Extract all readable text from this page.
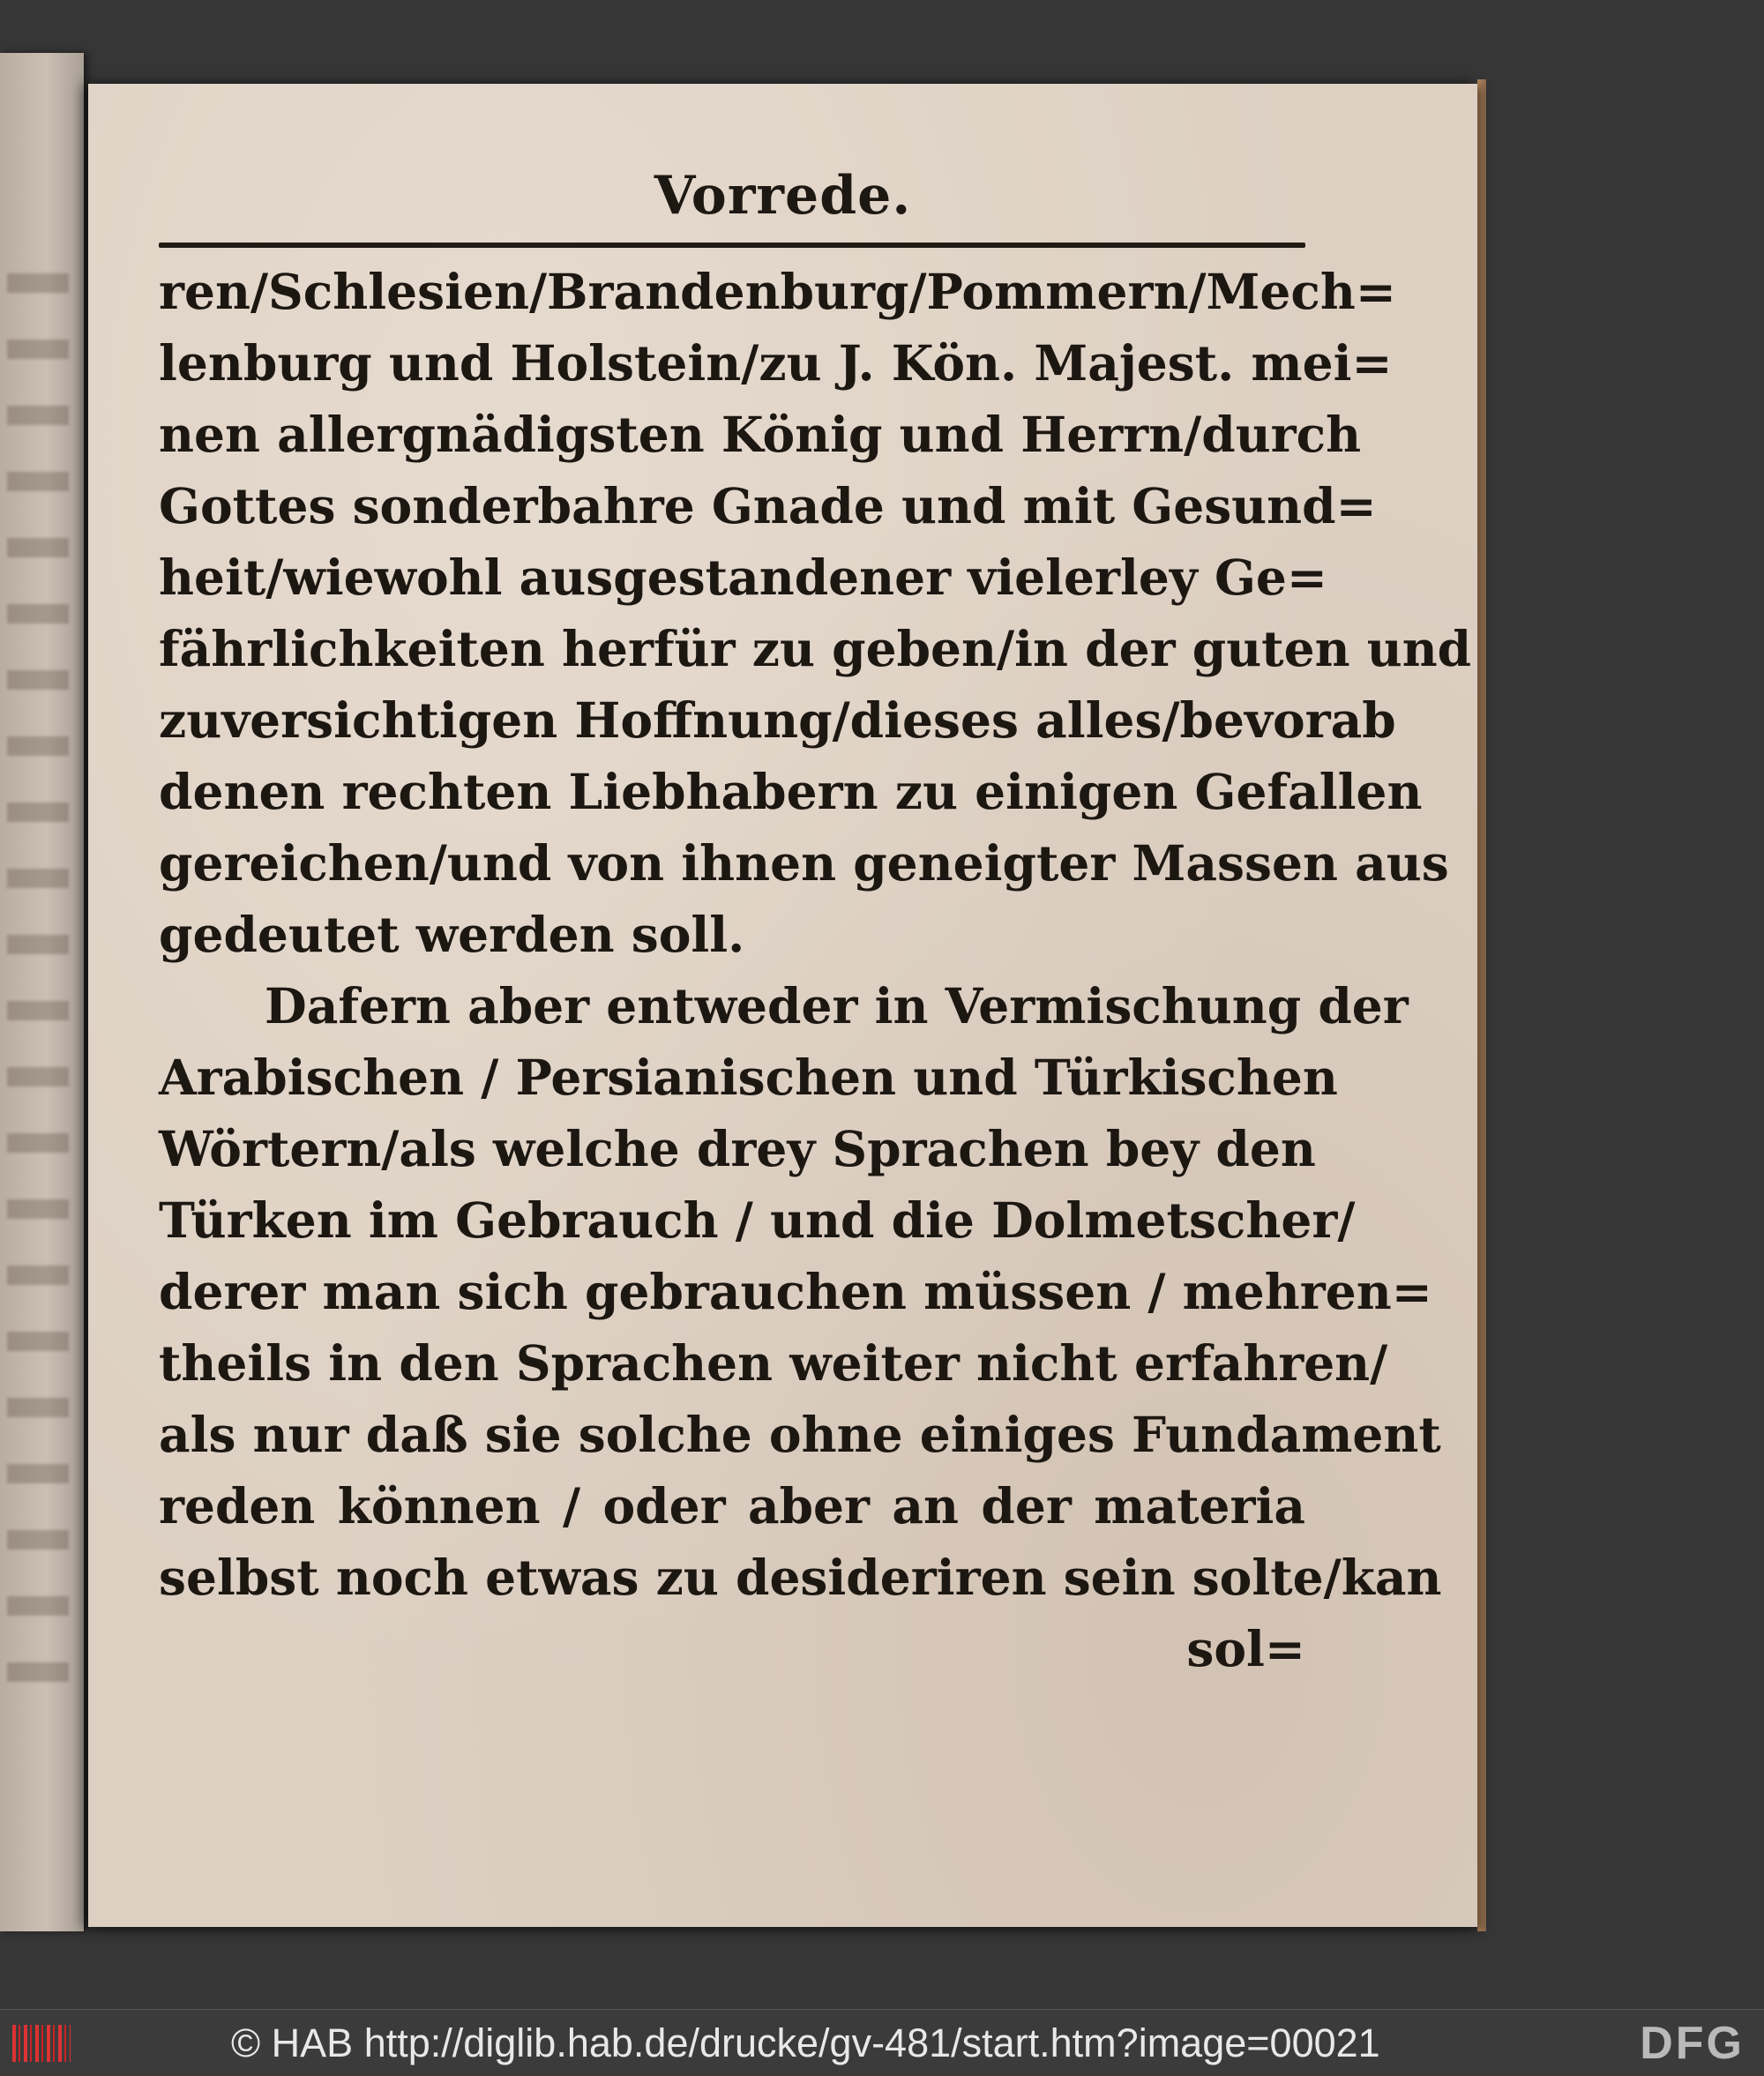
Vorrede.
ren/Schlesien/Brandenburg/Pommern/Mech=
lenburg und Holstein/zu J. Kön. Majest. mei=
nen allergnädigsten König und Herrn/durch
Gottes sonderbahre Gnade und mit Gesund=
heit/wiewohl ausgestandener vielerley Ge=
fährlichkeiten herfür zu geben/in der guten und
zuversichtigen Hoffnung/dieses alles/bevorab
denen rechten Liebhabern zu einigen Gefallen
gereichen/und von ihnen geneigter Massen aus
gedeutet werden soll.
Dafern aber entweder in Vermischung der
Arabischen / Persianischen und Türkischen
Wörtern/als welche drey Sprachen bey den
Türken im Gebrauch / und die Dolmetscher/
derer man sich gebrauchen müssen / mehren=
theils in den Sprachen weiter nicht erfahren/
als nur daß sie solche ohne einiges Fundament
reden können / oder aber an der materia
selbst noch etwas zu desideriren sein solte/kan
sol=
© HAB http://diglib.hab.de/drucke/gv-481/start.htm?image=00021	DFG
